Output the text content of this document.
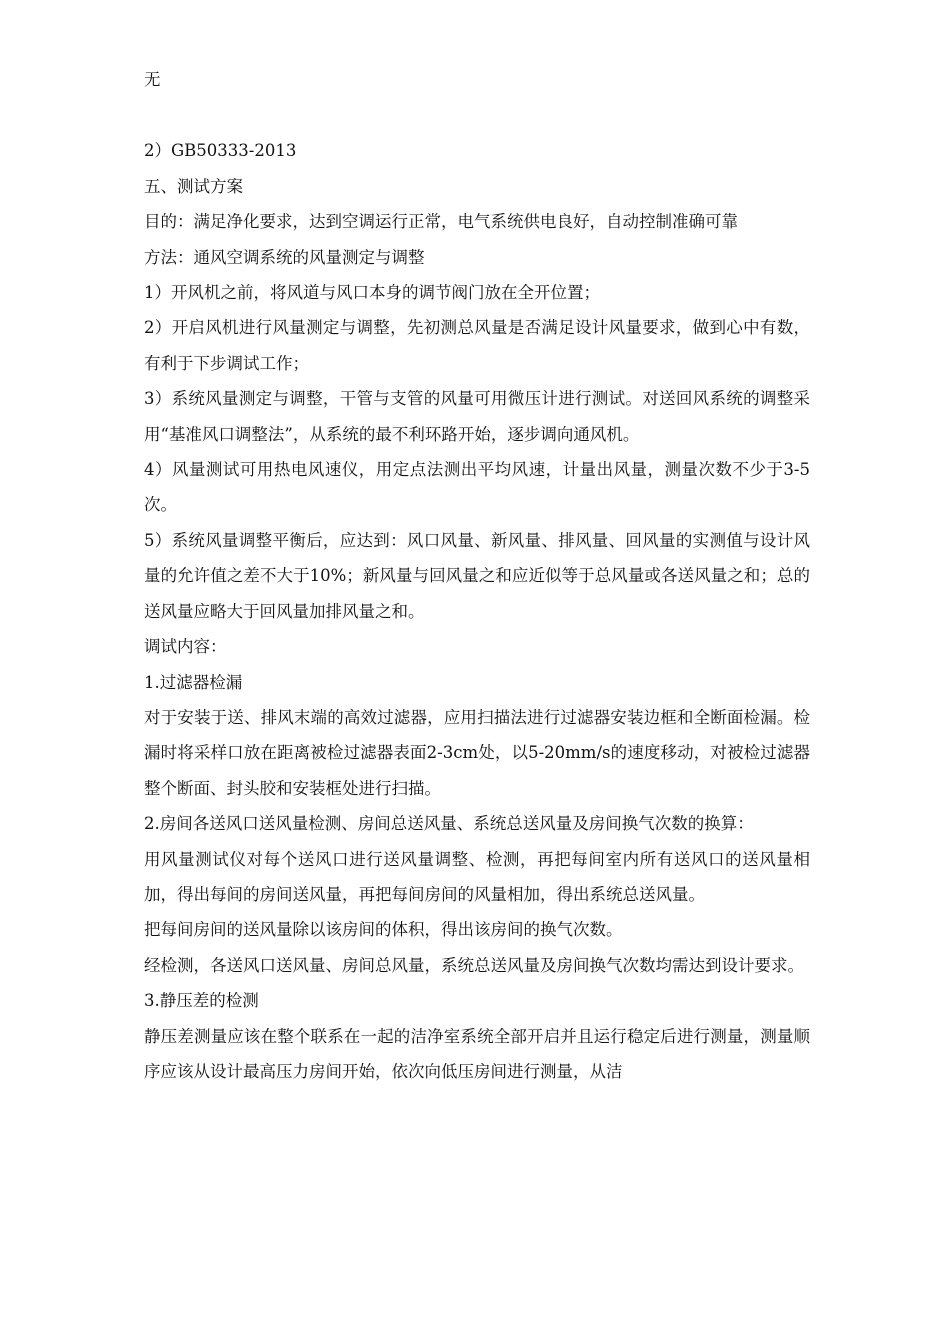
无

2）GB50333-2013

五、测试方案

目的：满足净化要求，达到空调运行正常，电气系统供电良好，自动控制准确可靠

方法：通风空调系统的风量测定与调整

1）开风机之前，将风道与风口本身的调节阀门放在全开位置；

2）开启风机进行风量测定与调整，先初测总风量是否满足设计风量要求，做到心中有数，有利于下步调试工作；

3）系统风量测定与调整，干管与支管的风量可用微压计进行测试。对送回风系统的调整采用“基准风口调整法”，从系统的最不利环路开始，逐步调向通风机。

4）风量测试可用热电风速仪，用定点法测出平均风速，计量出风量，测量次数不少于3-5次。

5）系统风量调整平衡后，应达到：风口风量、新风量、排风量、回风量的实测值与设计风量的允许值之差不大于10%；新风量与回风量之和应近似等于总风量或各送风量之和；总的送风量应略大于回风量加排风量之和。

调试内容：

1.过滤器检漏

对于安装于送、排风末端的高效过滤器，应用扫描法进行过滤器安装边框和全断面检漏。检漏时将采样口放在距离被检过滤器表面2-3cm处，以5-20mm/s的速度移动，对被检过滤器整个断面、封头胶和安装框处进行扫描。

2.房间各送风口送风量检测、房间总送风量、系统总送风量及房间换气次数的换算：

用风量测试仪对每个送风口进行送风量调整、检测，再把每间室内所有送风口的送风量相加，得出每间的房间送风量，再把每间房间的风量相加，得出系统总送风量。

把每间房间的送风量除以该房间的体积，得出该房间的换气次数。

经检测，各送风口送风量、房间总风量，系统总送风量及房间换气次数均需达到设计要求。

3.静压差的检测

静压差测量应该在整个联系在一起的洁净室系统全部开启并且运行稳定后进行测量，测量顺序应该从设计最高压力房间开始，依次向低压房间进行测量，从洁
